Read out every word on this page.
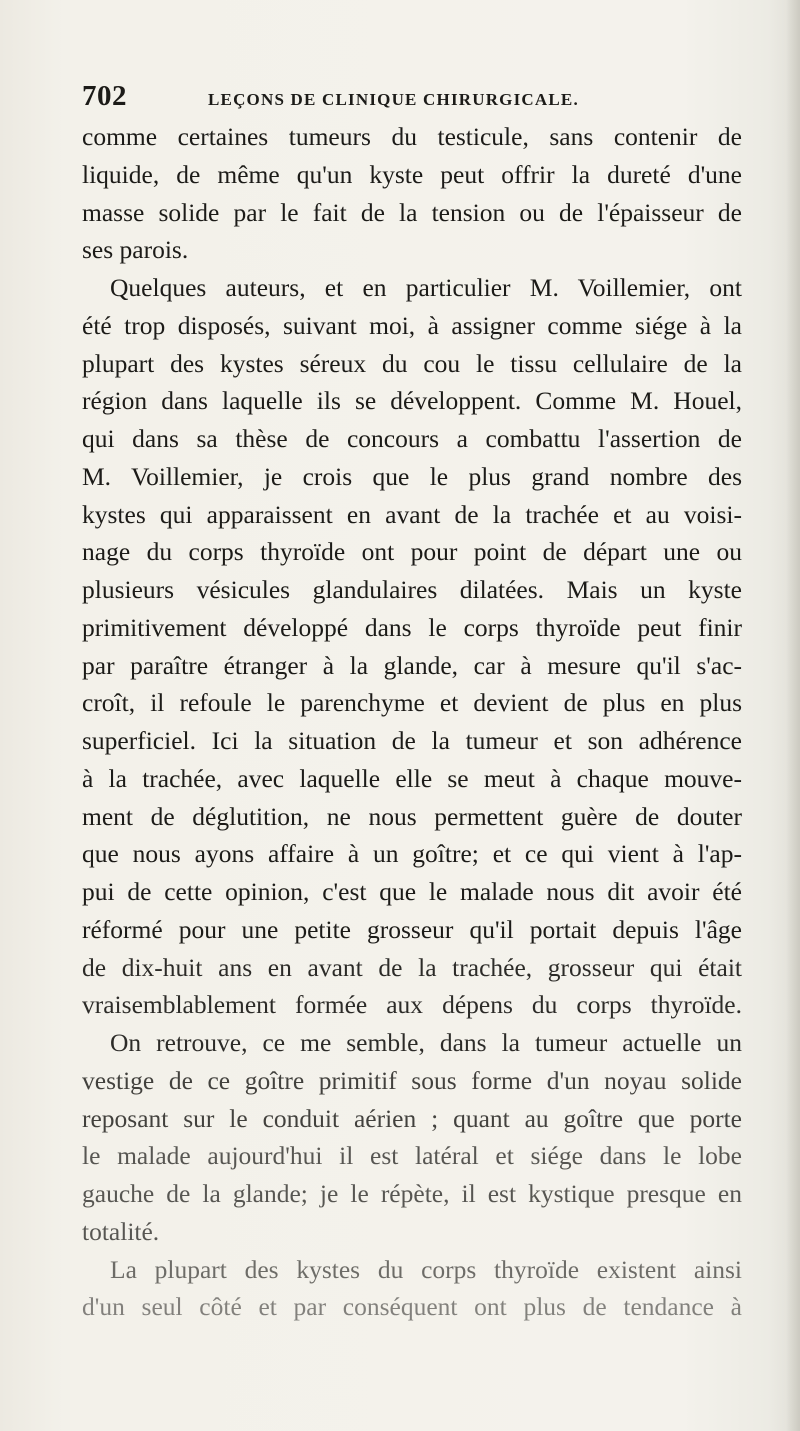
702	LEÇONS DE CLINIQUE CHIRURGICALE.
comme certaines tumeurs du testicule, sans contenir de
liquide, de même qu'un kyste peut offrir la dureté d'une
masse solide par le fait de la tension ou de l'épaisseur de
ses parois.
Quelques auteurs, et en particulier M. Voillemier, ont
été trop disposés, suivant moi, à assigner comme siége à la
plupart des kystes séreux du cou le tissu cellulaire de la
région dans laquelle ils se développent. Comme M. Houel,
qui dans sa thèse de concours a combattu l'assertion de
M. Voillemier, je crois que le plus grand nombre des
kystes qui apparaissent en avant de la trachée et au voisi-
nage du corps thyroïde ont pour point de départ une ou
plusieurs vésicules glandulaires dilatées. Mais un kyste
primitivement développé dans le corps thyroïde peut finir
par paraître étranger à la glande, car à mesure qu'il s'ac-
croît, il refoule le parenchyme et devient de plus en plus
superficiel. Ici la situation de la tumeur et son adhérence
à la trachée, avec laquelle elle se meut à chaque mouve-
ment de déglutition, ne nous permettent guère de douter
que nous ayons affaire à un goître; et ce qui vient à l'ap-
pui de cette opinion, c'est que le malade nous dit avoir été
réformé pour une petite grosseur qu'il portait depuis l'âge
de dix-huit ans en avant de la trachée, grosseur qui était
vraisemblablement formée aux dépens du corps thyroïde.
On retrouve, ce me semble, dans la tumeur actuelle un
vestige de ce goître primitif sous forme d'un noyau solide
reposant sur le conduit aérien ; quant au goître que porte
le malade aujourd'hui il est latéral et siége dans le lobe
gauche de la glande; je le répète, il est kystique presque en
totalité.
La plupart des kystes du corps thyroïde existent ainsi
d'un seul côté et par conséquent ont plus de tendance à
